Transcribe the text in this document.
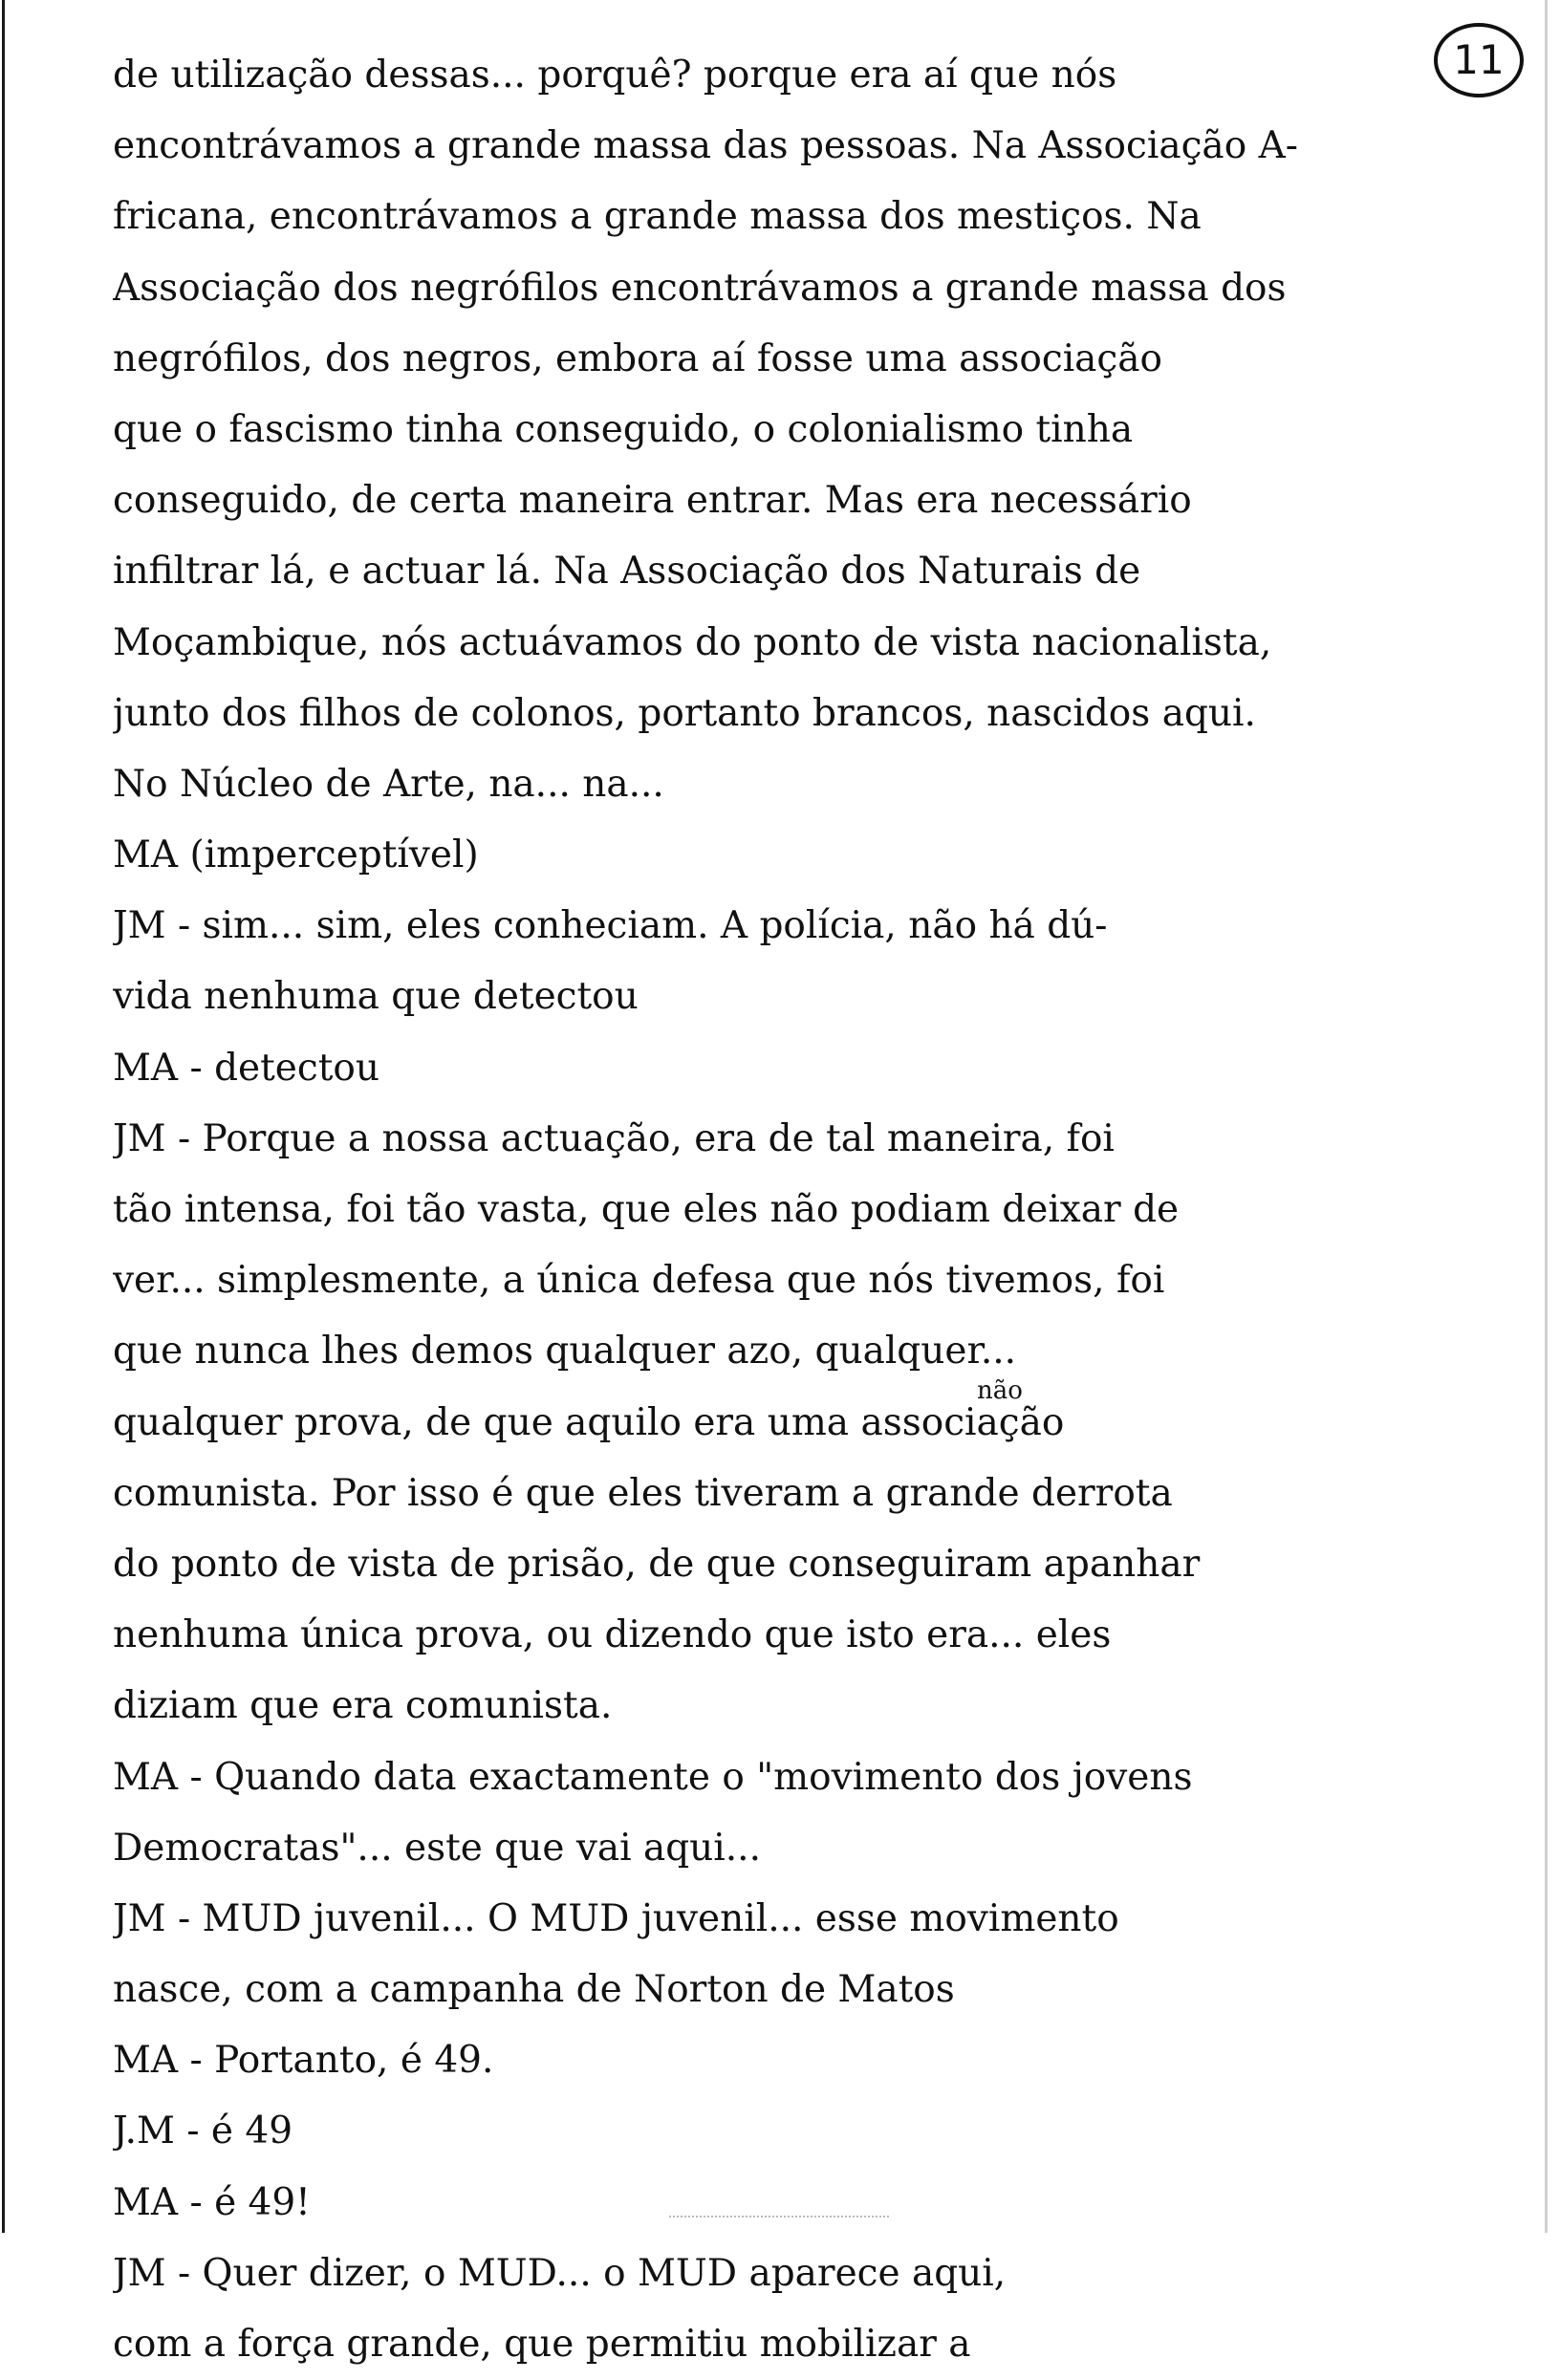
11
de utilização dessas... porquê? porque era aí que nós
encontrávamos a grande massa das pessoas. Na Associação A-
fricana, encontrávamos a grande massa dos mestiços. Na
Associação dos negrófilos encontrávamos a grande massa dos
negrófilos, dos negros, embora aí fosse uma associação
que o fascismo tinha conseguido, o colonialismo tinha
conseguido, de certa maneira entrar. Mas era necessário
infiltrar lá, e actuar lá. Na Associação dos Naturais de
Moçambique, nós actuávamos do ponto de vista nacionalista,
junto dos filhos de colonos, portanto brancos, nascidos aqui.
No Núcleo de Arte, na... na...
MA (imperceptível)
JM - sim... sim, eles conheciam. A polícia, não há dú-
vida nenhuma que detectou
MA - detectou
JM - Porque a nossa actuação, era de tal maneira, foi
tão intensa, foi tão vasta, que eles não podiam deixar de
ver... simplesmente, a única defesa que nós tivemos, foi
que nunca lhes demos qualquer azo, qualquer...
qualquer prova, de que aquilo era uma associação
comunista. Por isso é que eles tiveram a grande derrota
do ponto de vista de prisão, de que conseguiram apanhar
nenhuma única prova, ou dizendo que isto era... eles
diziam que era comunista.
MA - Quando data exactamente o "movimento dos jovens
Democratas"... este que vai aqui...
JM - MUD juvenil... O MUD juvenil... esse movimento
nasce, com a campanha de Norton de Matos
MA - Portanto, é 49.
J.M - é 49
MA - é 49!
JM - Quer dizer, o MUD... o MUD aparece aqui,
com a força grande, que permitiu mobilizar a
não
